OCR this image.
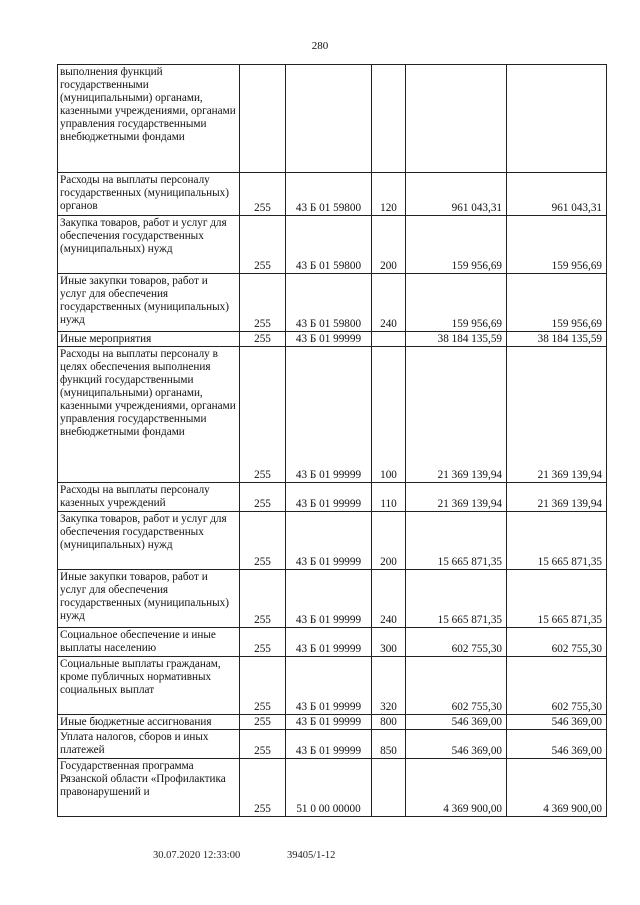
280
выполнения функций государственными (муниципальными) органами, казенными учреждениями, органами управления государственными внебюджетными фондами					
Расходы на выплаты персоналу государственных (муниципальных) органов	255	43 Б 01 59800	120	961 043,31	961 043,31
Закупка товаров, работ и услуг для обеспечения государственных (муниципальных) нужд	255	43 Б 01 59800	200	159 956,69	159 956,69
Иные закупки товаров, работ и услуг для обеспечения государственных (муниципальных) нужд	255	43 Б 01 59800	240	159 956,69	159 956,69
Иные мероприятия	255	43 Б 01 99999		38 184 135,59	38 184 135,59
Расходы на выплаты персоналу в целях обеспечения выполнения функций государственными (муниципальными) органами, казенными учреждениями, органами управления государственными внебюджетными фондами	255	43 Б 01 99999	100	21 369 139,94	21 369 139,94
Расходы на выплаты персоналу казенных учреждений	255	43 Б 01 99999	110	21 369 139,94	21 369 139,94
Закупка товаров, работ и услуг для обеспечения государственных (муниципальных) нужд	255	43 Б 01 99999	200	15 665 871,35	15 665 871,35
Иные закупки товаров, работ и услуг для обеспечения государственных (муниципальных) нужд	255	43 Б 01 99999	240	15 665 871,35	15 665 871,35
Социальное обеспечение и иные выплаты населению	255	43 Б 01 99999	300	602 755,30	602 755,30
Социальные выплаты гражданам, кроме публичных нормативных социальных выплат	255	43 Б 01 99999	320	602 755,30	602 755,30
Иные бюджетные ассигнования	255	43 Б 01 99999	800	546 369,00	546 369,00
Уплата налогов, сборов и иных платежей	255	43 Б 01 99999	850	546 369,00	546 369,00
Государственная программа Рязанской области «Профилактика правонарушений и	255	51 0 00 00000		4 369 900,00	4 369 900,00
30.07.2020 12:33:00	39405/1-12
